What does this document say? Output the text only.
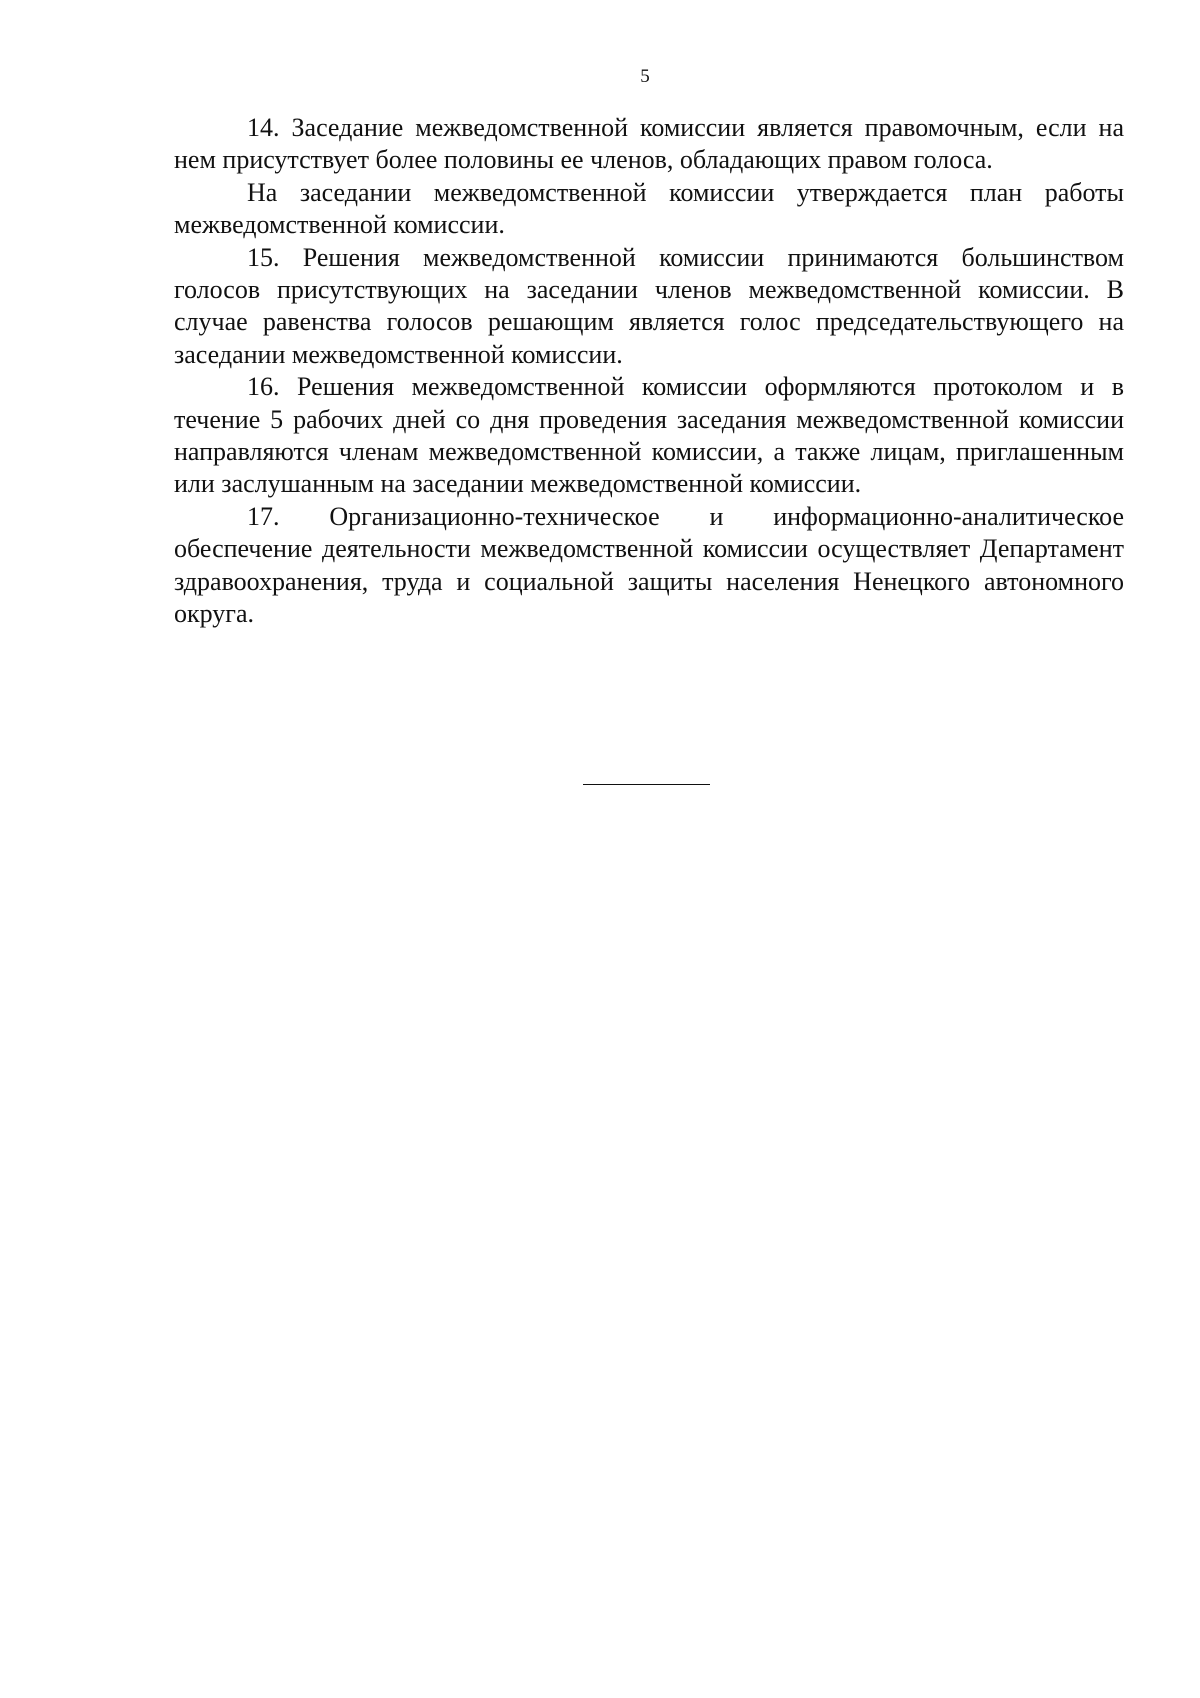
5

14. Заседание межведомственной комиссии является правомочным, если на нем присутствует более половины ее членов, обладающих правом голоса.

На заседании межведомственной комиссии утверждается план работы межведомственной комиссии.

15. Решения межведомственной комиссии принимаются большинством голосов присутствующих на заседании членов межведомственной комиссии. В случае равенства голосов решающим является голос председательствующего на заседании межведомственной комиссии.

16. Решения межведомственной комиссии оформляются протоколом и в течение 5 рабочих дней со дня проведения заседания межведомственной комиссии направляются членам межведомственной комиссии, а также лицам, приглашенным или заслушанным на заседании межведомственной комиссии.

17. Организационно-техническое и информационно-аналитическое обеспечение деятельности межведомственной комиссии осуществляет Департамент здравоохранения, труда и социальной защиты населения Ненецкого автономного округа.
